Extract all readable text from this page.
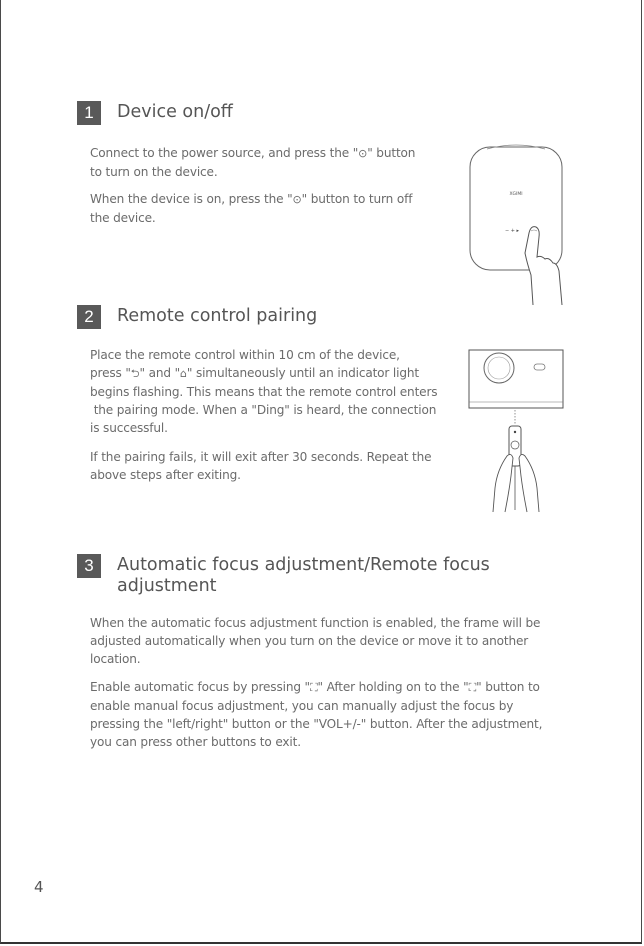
1	Device on/off

Connect to the power source, and press the "⊙" button
to turn on the device.

When the device is on, press the "⊙" button to turn off
the device.

XGIMI
− + ▸
2	Remote control pairing

Place the remote control within 10 cm of the device,
press "⮌" and "⌂" simultaneously until an indicator light
begins flashing. This means that the remote control enters
the pairing mode. When a "Ding" is heard, the connection
is successful.

If the pairing fails, it will exit after 30 seconds. Repeat the
above steps after exiting.

3	Automatic focus adjustment/Remote focus
adjustment

When the automatic focus adjustment function is enabled, the frame will be
adjusted automatically when you turn on the device or move it to another
location.

Enable automatic focus by pressing "⛶" After holding on to the "⛶" button to
enable manual focus adjustment, you can manually adjust the focus by
pressing the "left/right" button or the "VOL+/-" button. After the adjustment,
you can press other buttons to exit.

4
